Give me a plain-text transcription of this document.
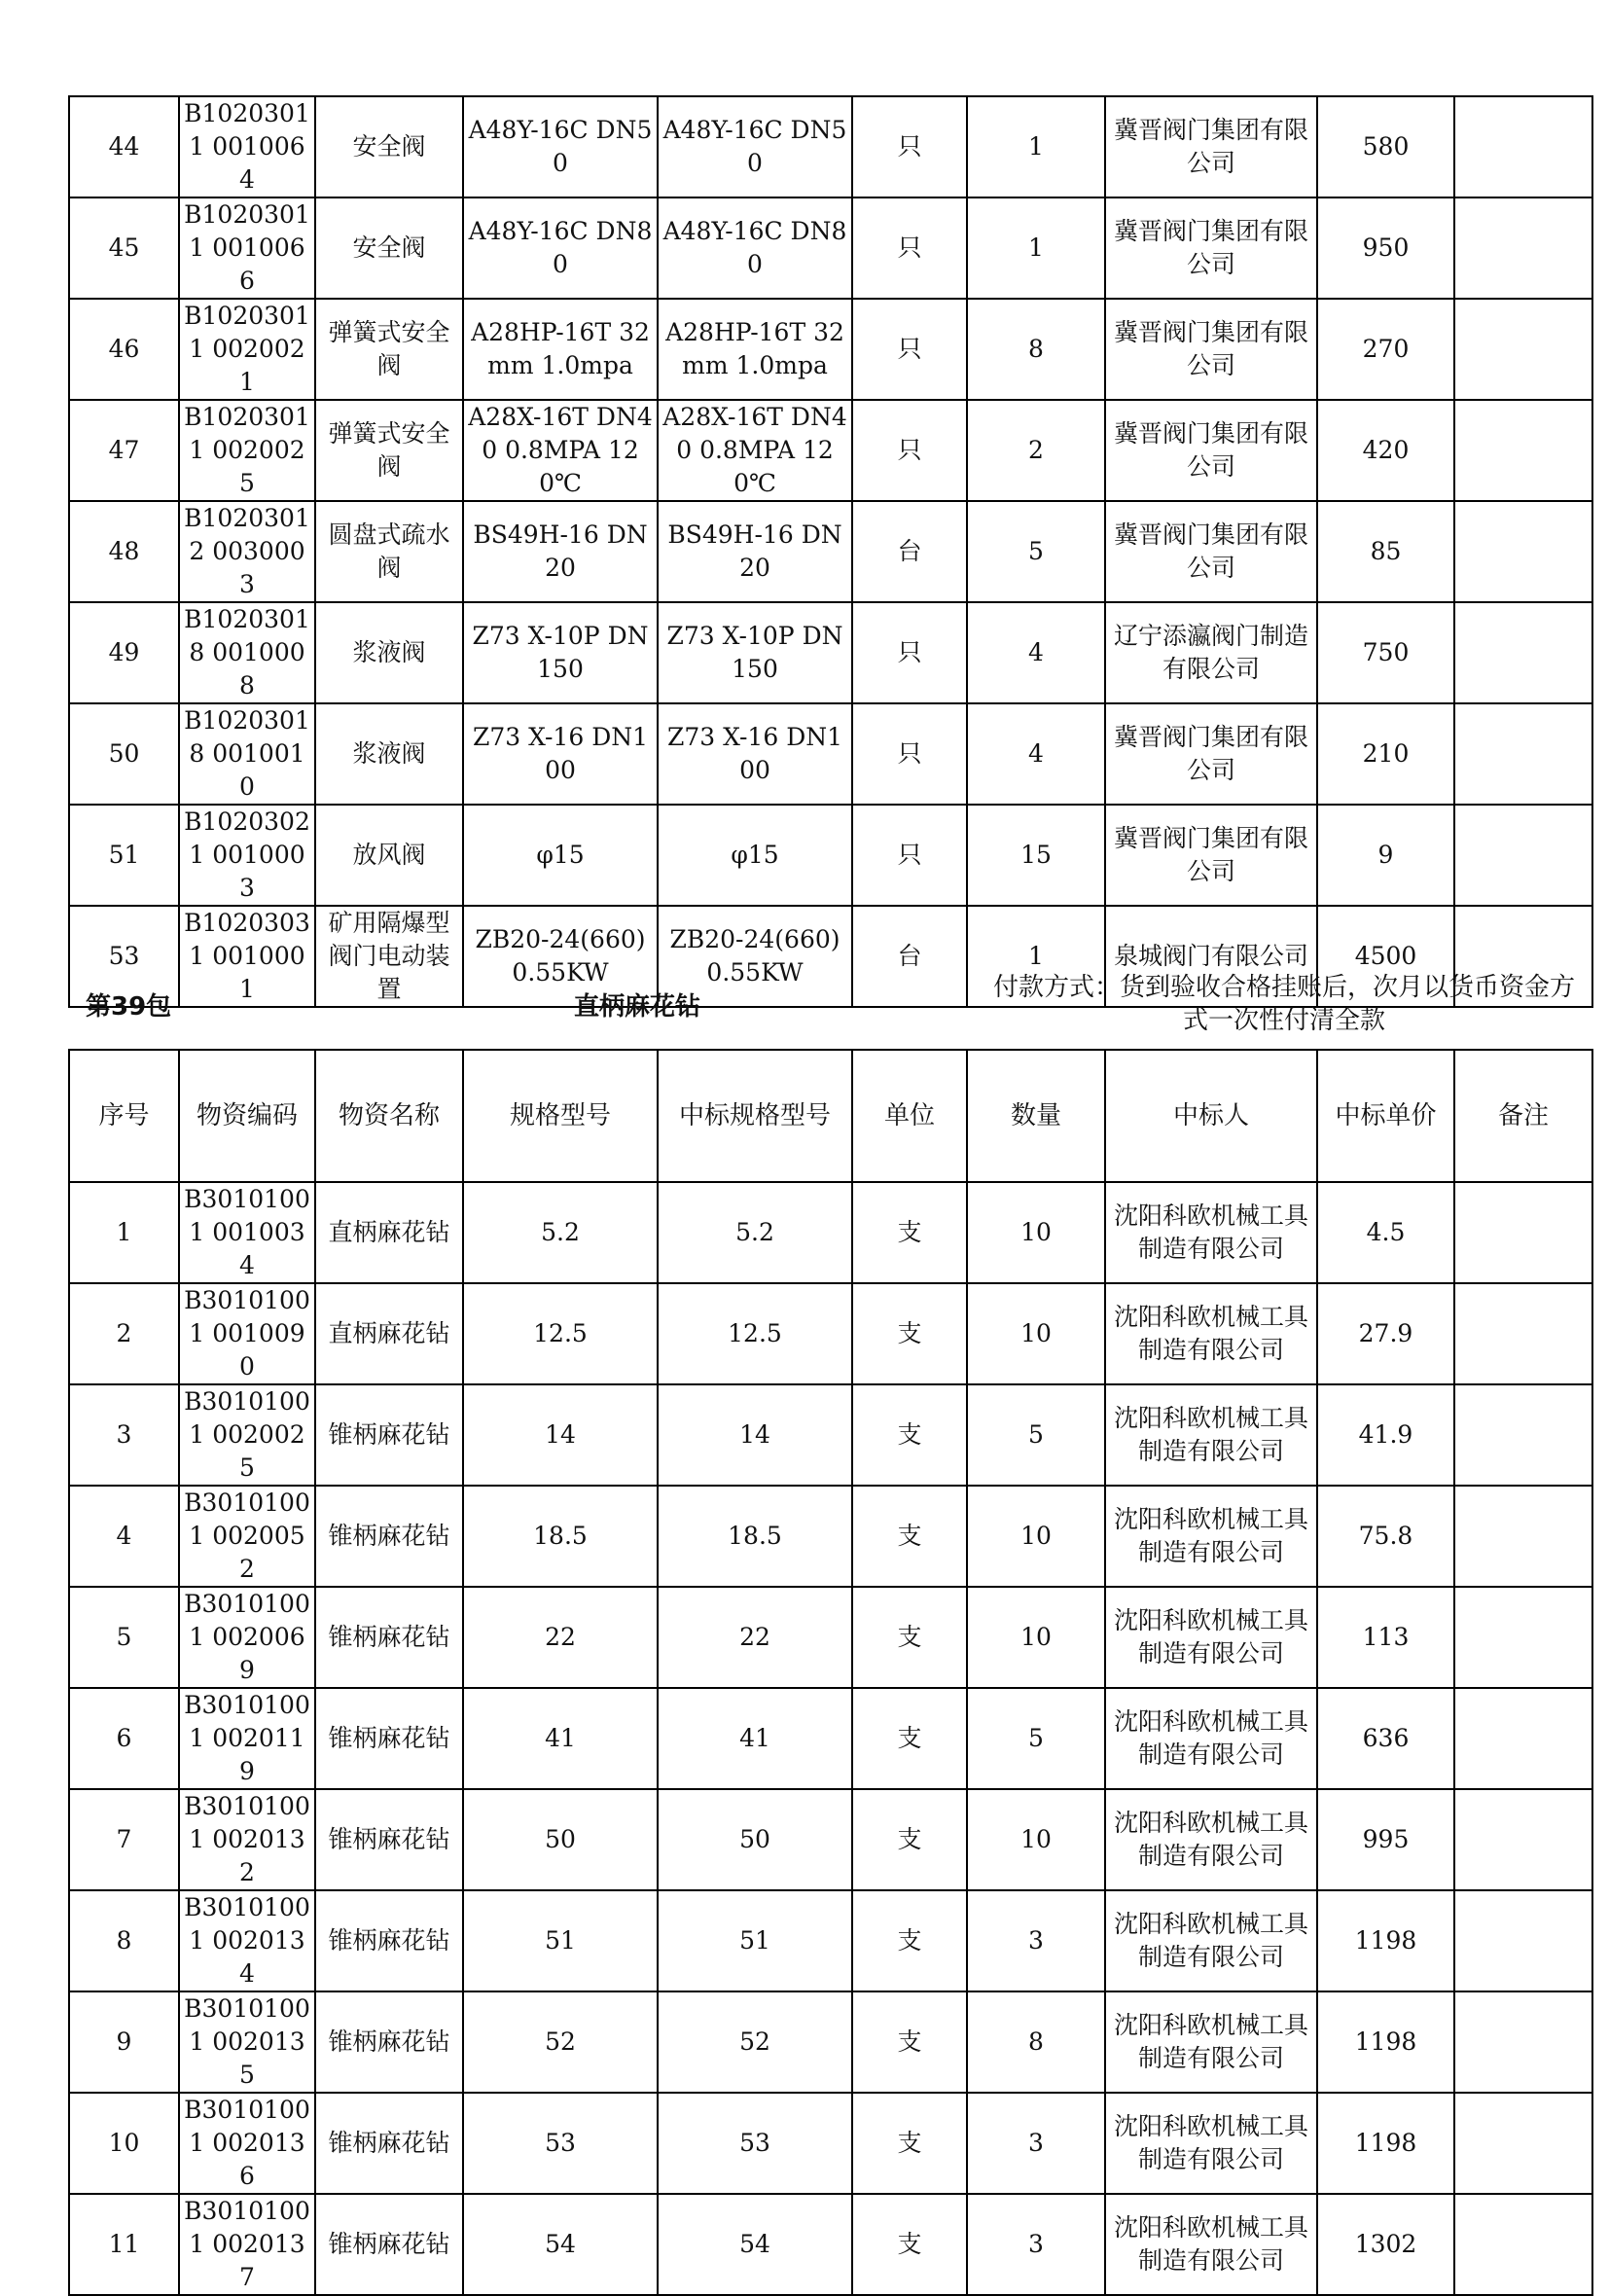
44	B10203011 0010064	安全阀	A48Y-16C DN50	A48Y-16C DN50	只	1	冀晋阀门集团有限公司	580	
45	B10203011 0010066	安全阀	A48Y-16C DN80	A48Y-16C DN80	只	1	冀晋阀门集团有限公司	950	
46	B10203011 0020021	弹簧式安全阀	A28HP-16T 32mm 1.0mpa	A28HP-16T 32mm 1.0mpa	只	8	冀晋阀门集团有限公司	270	
47	B10203011 0020025	弹簧式安全阀	A28X-16T DN40 0.8MPA 120℃	A28X-16T DN40 0.8MPA 120℃	只	2	冀晋阀门集团有限公司	420	
48	B10203012 0030003	圆盘式疏水阀	BS49H-16 DN20	BS49H-16 DN20	台	5	冀晋阀门集团有限公司	85	
49	B10203018 0010008	浆液阀	Z73 X-10P DN150	Z73 X-10P DN150	只	4	辽宁添瀛阀门制造有限公司	750	
50	B10203018 0010010	浆液阀	Z73 X-16 DN100	Z73 X-16 DN100	只	4	冀晋阀门集团有限公司	210	
51	B10203021 0010003	放风阀	φ15	φ15	只	15	冀晋阀门集团有限公司	9	
53	B10203031 0010001	矿用隔爆型阀门电动装置	ZB20-24(660)0.55KW	ZB20-24(660)0.55KW	台	1	泉城阀门有限公司	4500	
第39包	直柄麻花钻
付款方式：货到验收合格挂账后，次月以货币资金方式一次性付清全款
序号	物资编码	物资名称	规格型号	中标规格型号	单位	数量	中标人	中标单价	备注
1	B30101001 0010034	直柄麻花钻	5.2	5.2	支	10	沈阳科欧机械工具制造有限公司	4.5	
2	B30101001 0010090	直柄麻花钻	12.5	12.5	支	10	沈阳科欧机械工具制造有限公司	27.9	
3	B30101001 0020025	锥柄麻花钻	14	14	支	5	沈阳科欧机械工具制造有限公司	41.9	
4	B30101001 0020052	锥柄麻花钻	18.5	18.5	支	10	沈阳科欧机械工具制造有限公司	75.8	
5	B30101001 0020069	锥柄麻花钻	22	22	支	10	沈阳科欧机械工具制造有限公司	113	
6	B30101001 0020119	锥柄麻花钻	41	41	支	5	沈阳科欧机械工具制造有限公司	636	
7	B30101001 0020132	锥柄麻花钻	50	50	支	10	沈阳科欧机械工具制造有限公司	995	
8	B30101001 0020134	锥柄麻花钻	51	51	支	3	沈阳科欧机械工具制造有限公司	1198	
9	B30101001 0020135	锥柄麻花钻	52	52	支	8	沈阳科欧机械工具制造有限公司	1198	
10	B30101001 0020136	锥柄麻花钻	53	53	支	3	沈阳科欧机械工具制造有限公司	1198	
11	B30101001 0020137	锥柄麻花钻	54	54	支	3	沈阳科欧机械工具制造有限公司	1302	
